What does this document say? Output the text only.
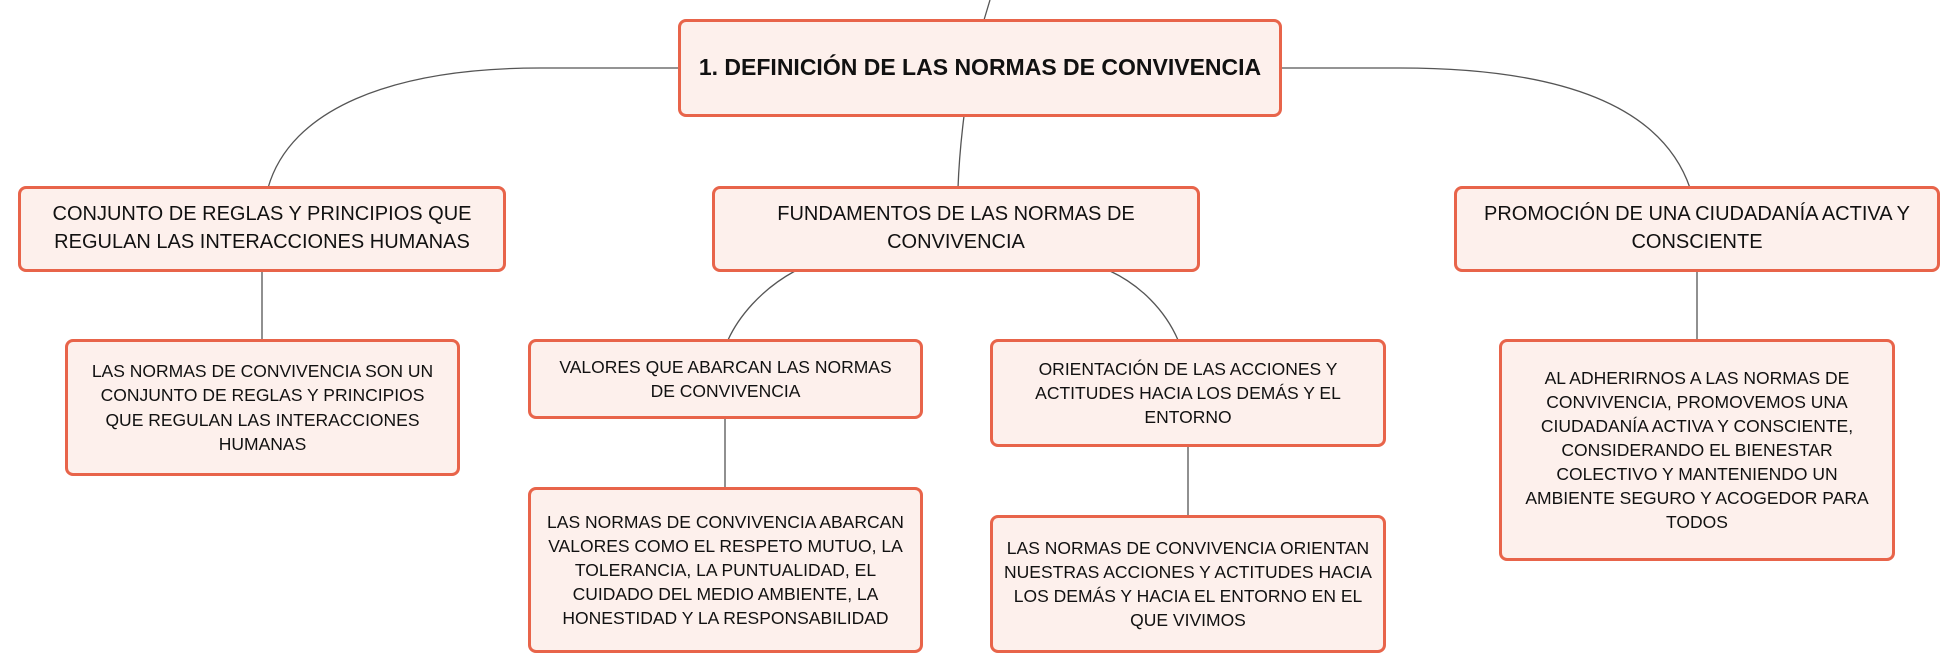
1. DEFINICIÓN DE LAS NORMAS DE CONVIVENCIA
CONJUNTO DE REGLAS Y PRINCIPIOS QUE REGULAN LAS INTERACCIONES HUMANAS
FUNDAMENTOS DE LAS NORMAS DE CONVIVENCIA
PROMOCIÓN DE UNA CIUDADANÍA ACTIVA Y CONSCIENTE
LAS NORMAS DE CONVIVENCIA SON UN CONJUNTO DE REGLAS Y PRINCIPIOS QUE REGULAN LAS INTERACCIONES HUMANAS
VALORES QUE ABARCAN LAS NORMAS DE CONVIVENCIA
ORIENTACIÓN DE LAS ACCIONES Y ACTITUDES HACIA LOS DEMÁS Y EL ENTORNO
AL ADHERIRNOS A LAS NORMAS DE CONVIVENCIA, PROMOVEMOS UNA CIUDADANÍA ACTIVA Y CONSCIENTE, CONSIDERANDO EL BIENESTAR COLECTIVO Y MANTENIENDO UN AMBIENTE SEGURO Y ACOGEDOR PARA TODOS
LAS NORMAS DE CONVIVENCIA ABARCAN VALORES COMO EL RESPETO MUTUO, LA TOLERANCIA, LA PUNTUALIDAD, EL CUIDADO DEL MEDIO AMBIENTE, LA HONESTIDAD Y LA RESPONSABILIDAD
LAS NORMAS DE CONVIVENCIA ORIENTAN NUESTRAS ACCIONES Y ACTITUDES HACIA LOS DEMÁS Y HACIA EL ENTORNO EN EL QUE VIVIMOS
